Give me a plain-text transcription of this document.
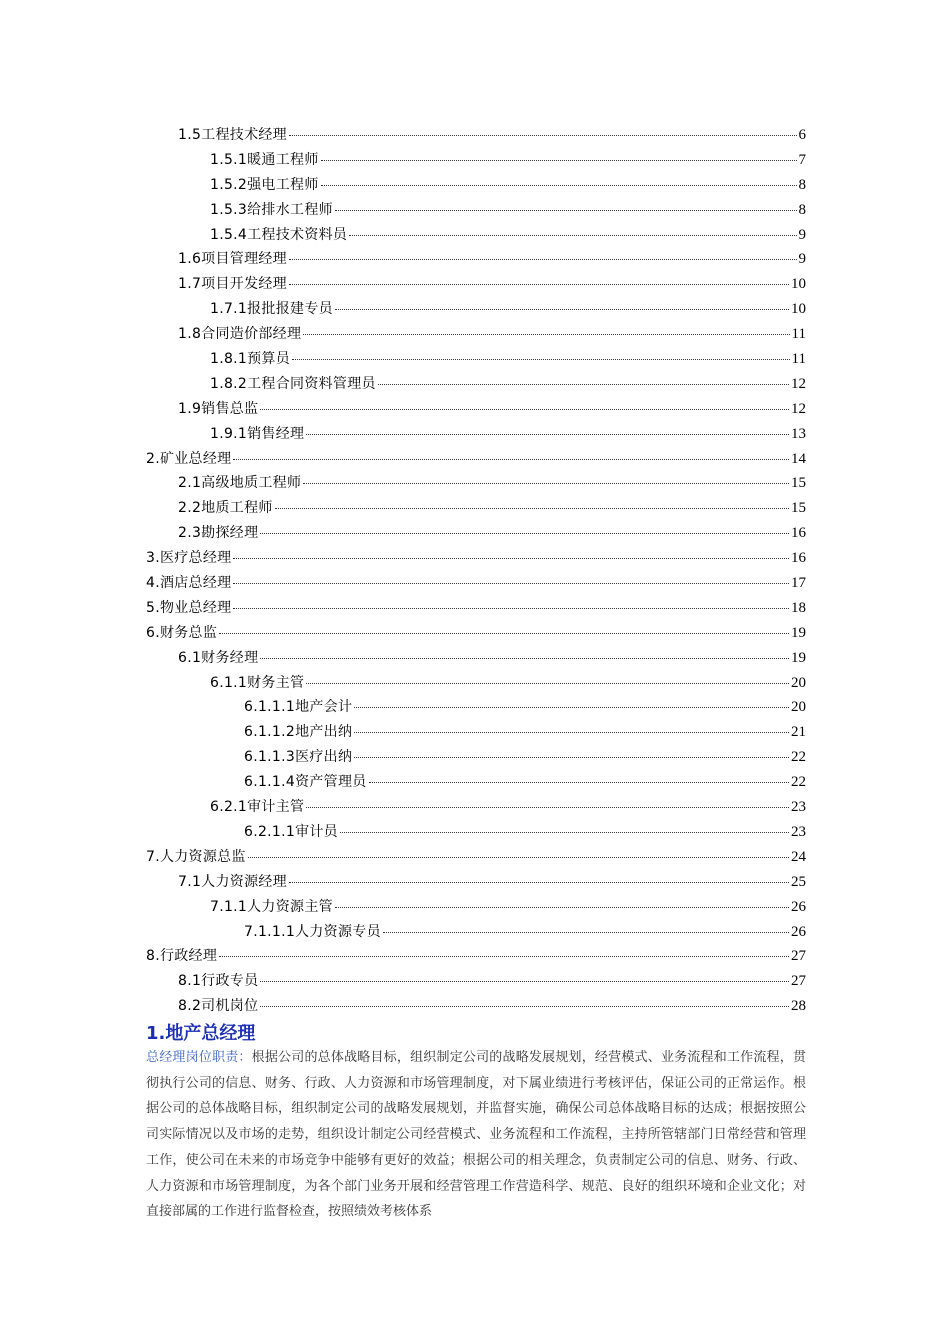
1.5工程技术经理	6
1.5.1暖通工程师	7
1.5.2强电工程师	8
1.5.3给排水工程师	8
1.5.4工程技术资料员	9
1.6项目管理经理	9
1.7项目开发经理	10
1.7.1报批报建专员	10
1.8合同造价部经理	11
1.8.1预算员	11
1.8.2工程合同资料管理员	12
1.9销售总监	12
1.9.1销售经理	13
2.矿业总经理	14
2.1高级地质工程师	15
2.2地质工程师	15
2.3勘探经理	16
3.医疗总经理	16
4.酒店总经理	17
5.物业总经理	18
6.财务总监	19
6.1财务经理	19
6.1.1财务主管	20
6.1.1.1地产会计	20
6.1.1.2地产出纳	21
6.1.1.3医疗出纳	22
6.1.1.4资产管理员	22
6.2.1审计主管	23
6.2.1.1审计员	23
7.人力资源总监	24
7.1人力资源经理	25
7.1.1人力资源主管	26
7.1.1.1人力资源专员	26
8.行政经理	27
8.1行政专员	27
8.2司机岗位	28
1.地产总经理

总经理岗位职责：根据公司的总体战略目标，组织制定公司的战略发展规划，经营模式、业务流程和工作流程，贯彻执行公司的信息、财务、行政、人力资源和市场管理制度，对下属业绩进行考核评估，保证公司的正常运作。根据公司的总体战略目标，组织制定公司的战略发展规划，并监督实施，确保公司总体战略目标的达成；根据按照公司实际情况以及市场的走势，组织设计制定公司经营模式、业务流程和工作流程，主持所管辖部门日常经营和管理工作，使公司在未来的市场竞争中能够有更好的效益；根据公司的相关理念，负责制定公司的信息、财务、行政、人力资源和市场管理制度，为各个部门业务开展和经营管理工作营造科学、规范、良好的组织环境和企业文化；对直接部属的工作进行监督检查，按照绩效考核体系
